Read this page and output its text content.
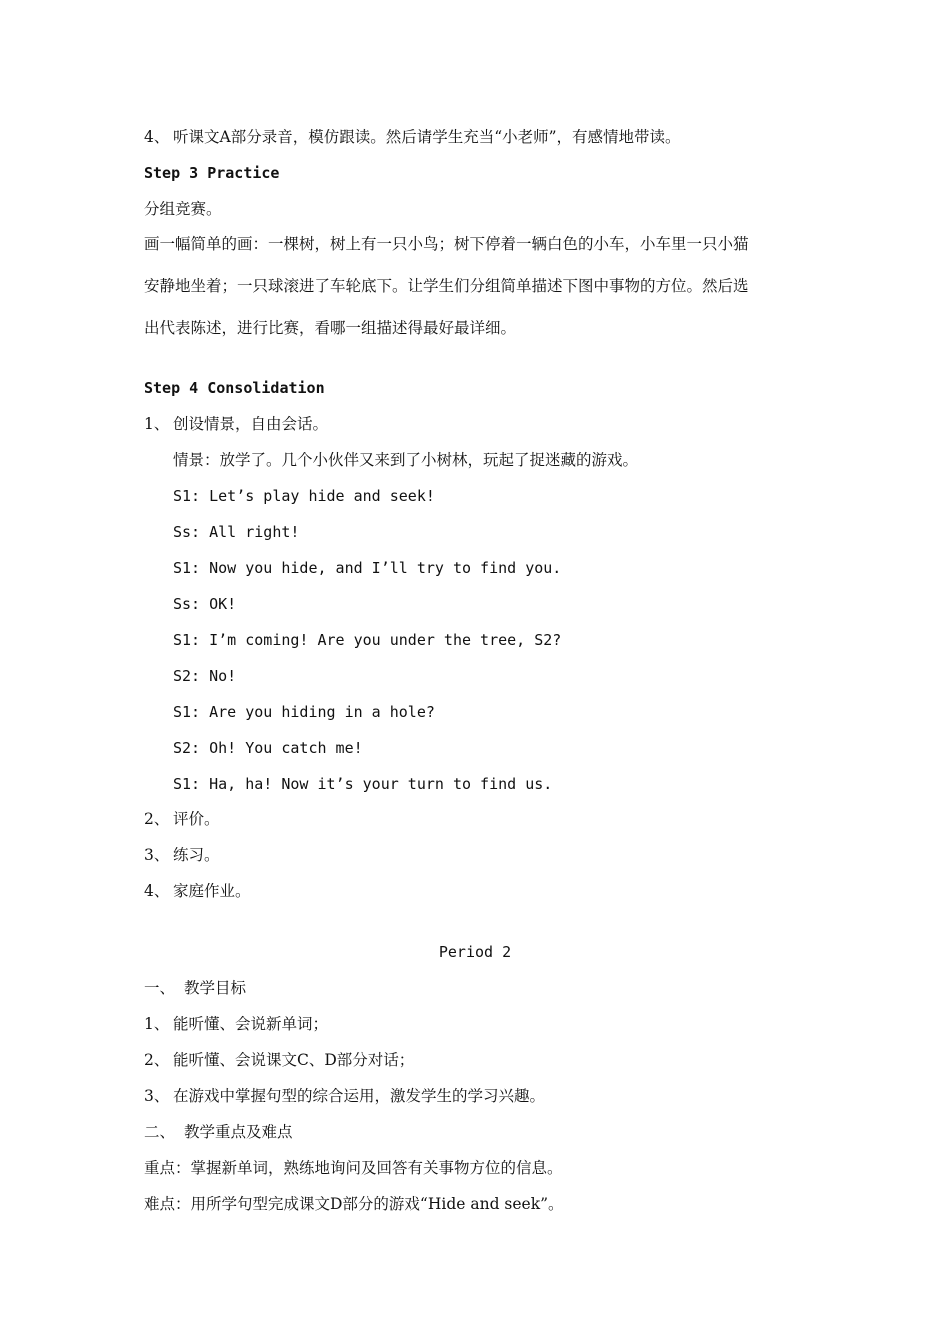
4、 听课文A部分录音，模仿跟读。然后请学生充当“小老师”，有感情地带读。
Step 3 Practice
分组竞赛。
画一幅简单的画：一棵树，树上有一只小鸟；树下停着一辆白色的小车，小车里一只小猫
安静地坐着；一只球滚进了车轮底下。让学生们分组简单描述下图中事物的方位。然后选
出代表陈述，进行比赛，看哪一组描述得最好最详细。
Step 4 Consolidation
1、 创设情景，自由会话。
情景：放学了。几个小伙伴又来到了小树林，玩起了捉迷藏的游戏。
S1: Let’s play hide and seek!
Ss: All right!
S1: Now you hide, and I’ll try to find you.
Ss: OK!
S1: I’m coming! Are you under the tree, S2?
S2: No!
S1: Are you hiding in a hole?
S2: Oh! You catch me!
S1: Ha, ha! Now it’s your turn to find us.
2、 评价。
3、 练习。
4、 家庭作业。
Period 2
一、 教学目标
1、 能听懂、会说新单词；
2、 能听懂、会说课文C、D部分对话；
3、 在游戏中掌握句型的综合运用，激发学生的学习兴趣。
二、 教学重点及难点
重点：掌握新单词，熟练地询问及回答有关事物方位的信息。
难点：用所学句型完成课文D部分的游戏“Hide and seek”。
